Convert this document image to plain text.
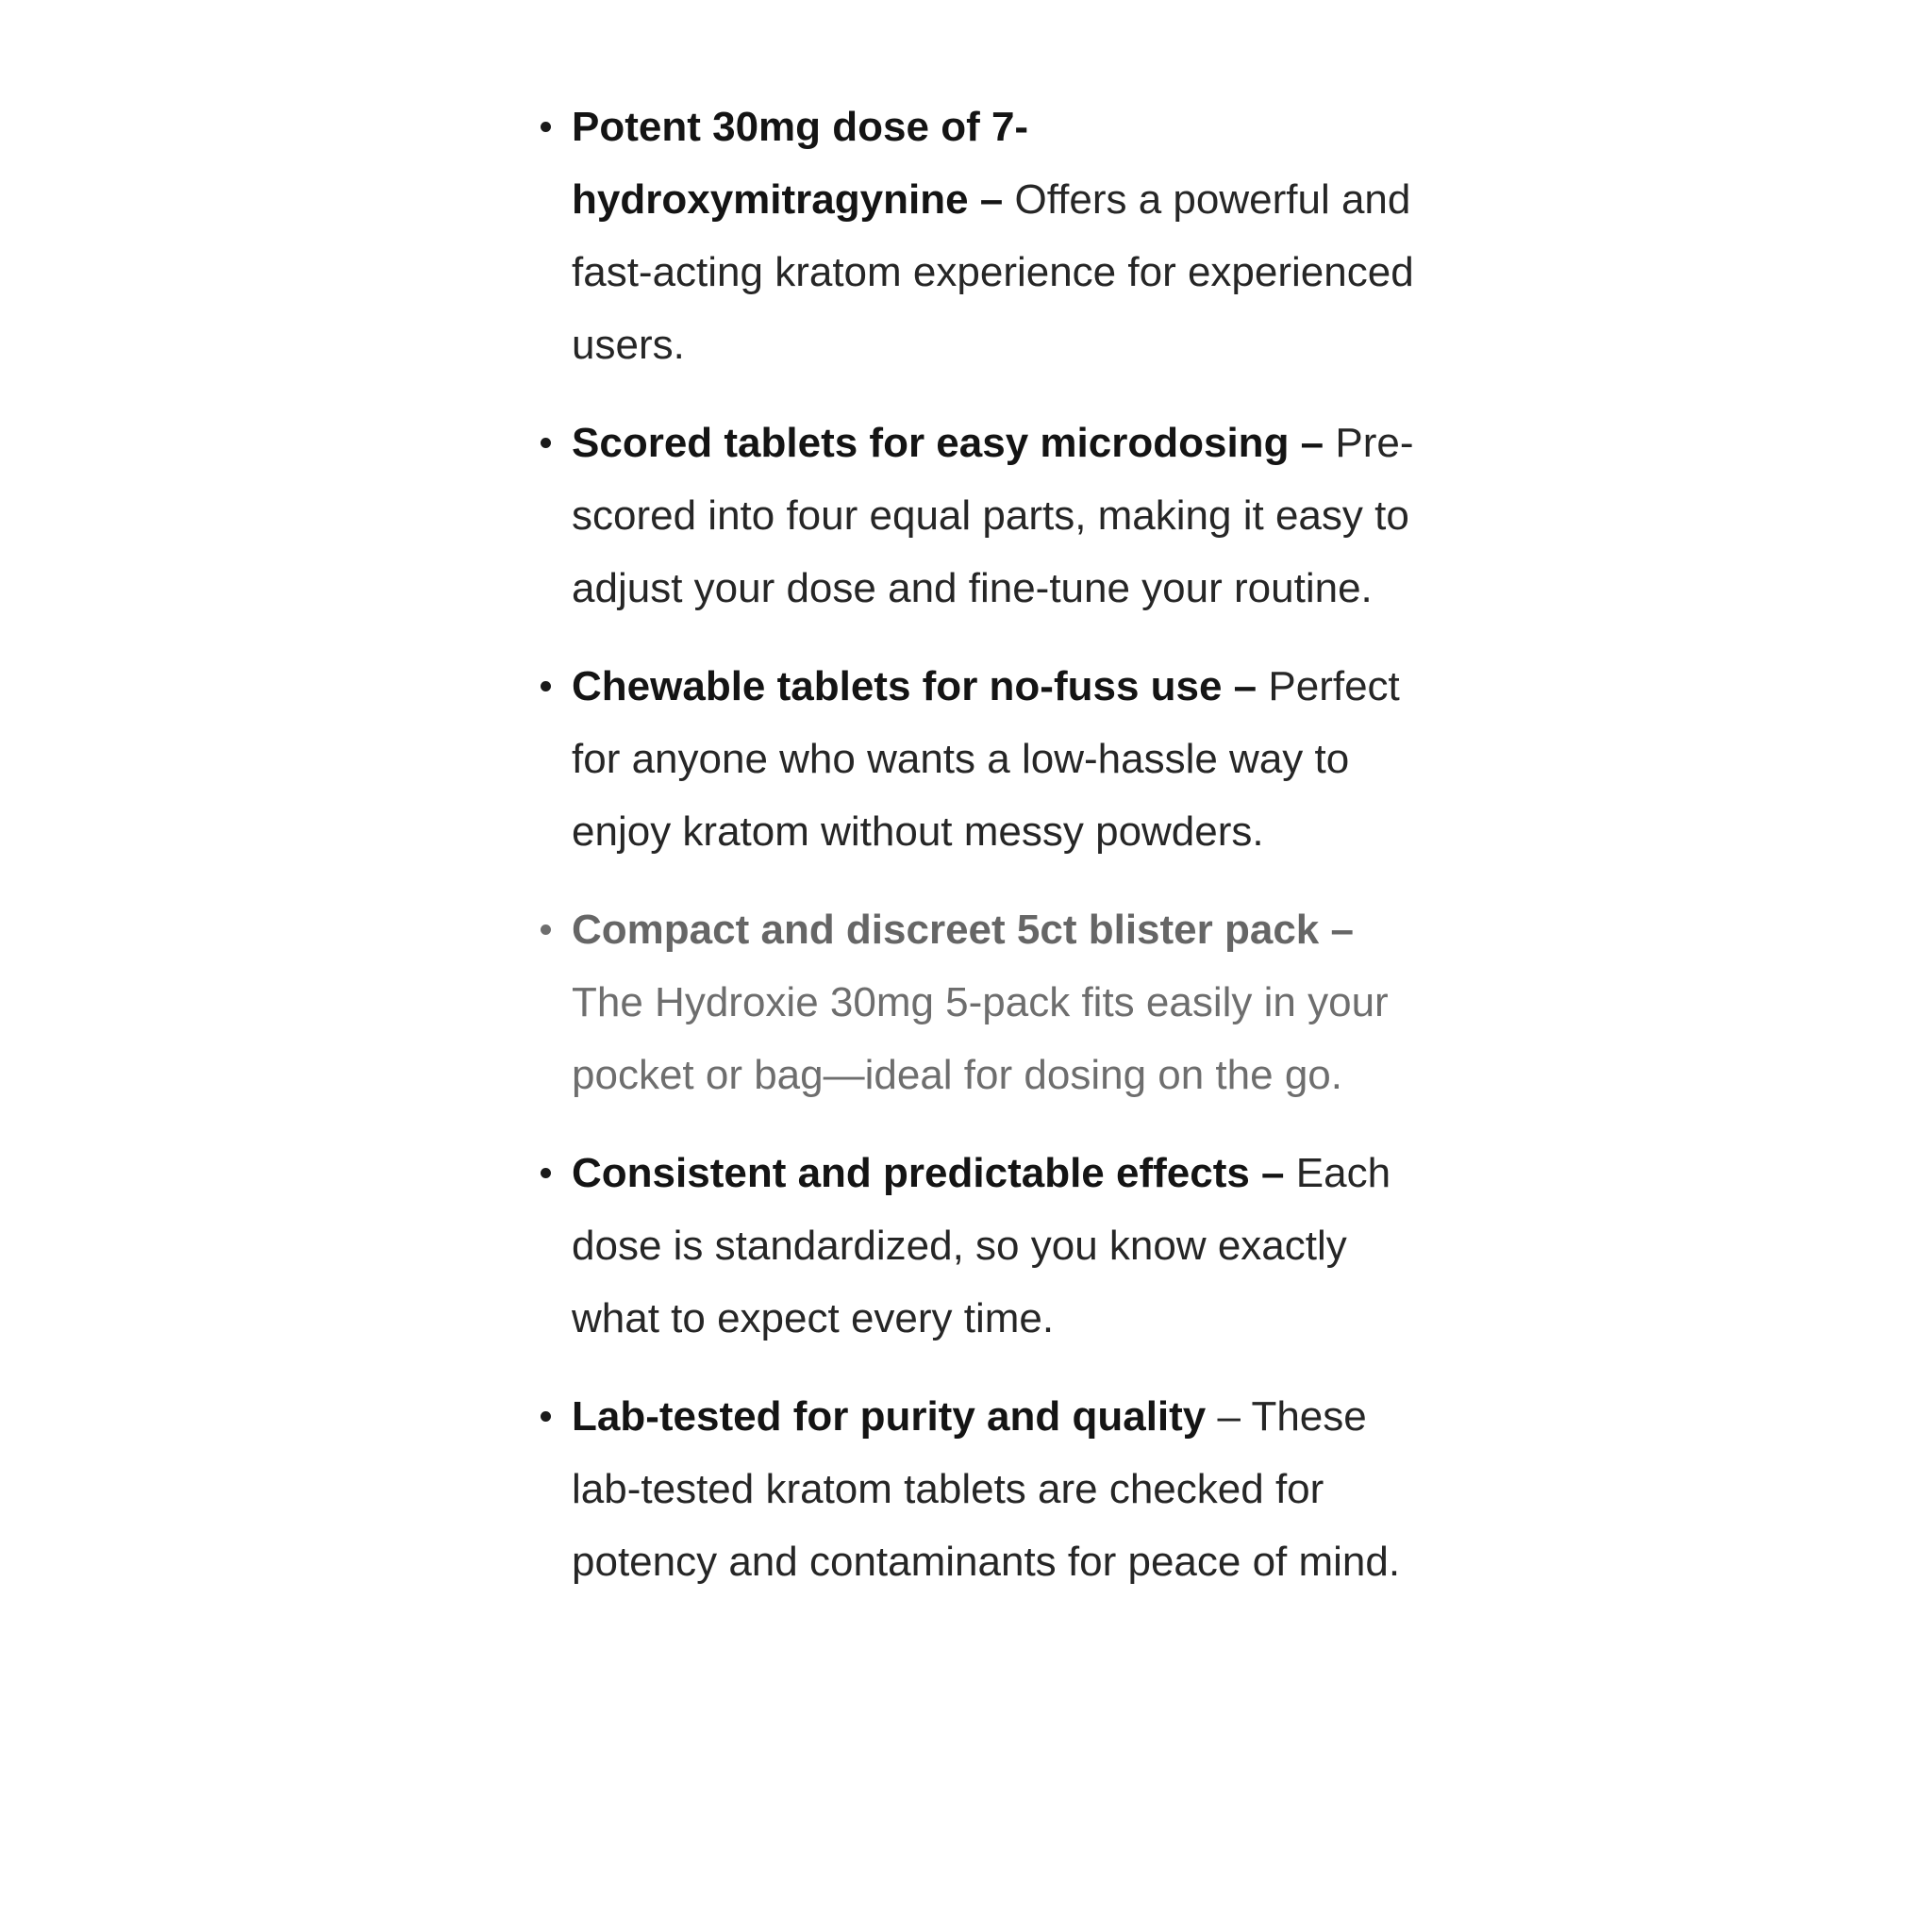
Potent 30mg dose of 7-hydroxymitragynine – Offers a powerful and fast-acting kratom experience for experienced users.
Scored tablets for easy microdosing – Pre-scored into four equal parts, making it easy to adjust your dose and fine-tune your routine.
Chewable tablets for no-fuss use – Perfect for anyone who wants a low-hassle way to enjoy kratom without messy powders.
Compact and discreet 5ct blister pack – The Hydroxie 30mg 5-pack fits easily in your pocket or bag—ideal for dosing on the go.
Consistent and predictable effects – Each dose is standardized, so you know exactly what to expect every time.
Lab-tested for purity and quality – These lab-tested kratom tablets are checked for potency and contaminants for peace of mind.
